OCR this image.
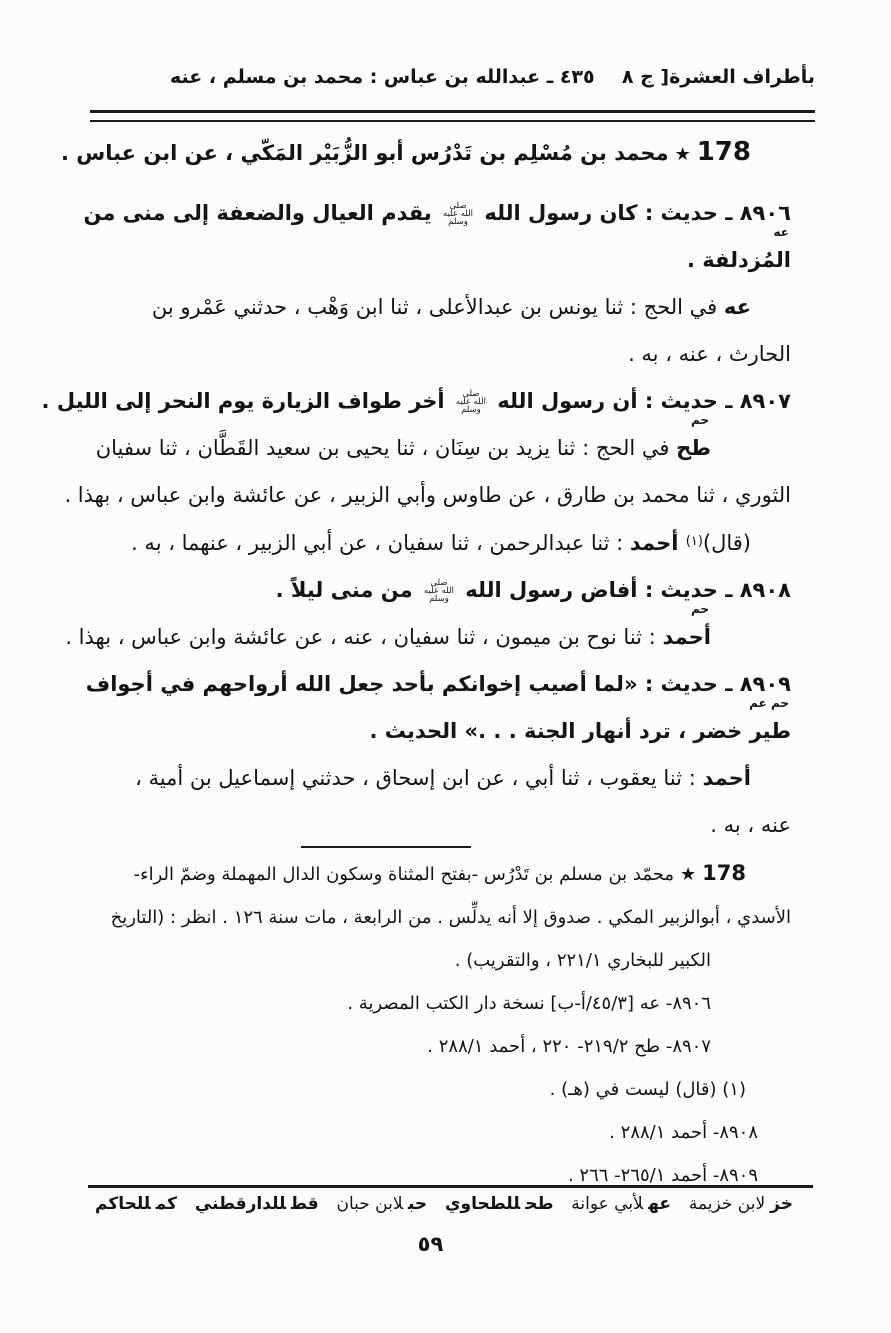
بأطراف العشرة[ ج ٨
٤٣٥ ـ عبدالله بن عباس : محمد بن مسلم ، عنه

178★محمد بن مُسْلِم بن تَدْرُس أبو الزُّبَيْر المَكّي ، عن ابن عباس .

٨٩٠٦ ـ حديث : كان رسول الله صلى الله عليه وسلم يقدم العيال والضعفة إلى منى من

عه
المُزدلفة .

عه في الحج : ثنا يونس بن عبدالأعلى ، ثنا ابن وَهْب ، حدثني عَمْرو بن

الحارث ، عنه ، به .

٨٩٠٧ ـ حديث : أن رسول الله صلى الله عليه وسلم أخر طواف الزيارة يوم النحر إلى الليل .

حم
طح في الحج : ثنا يزيد بن سِنَان ، ثنا يحيى بن سعيد القَطَّان ، ثنا سفيان

الثوري ، ثنا محمد بن طارق ، عن طاوس وأبي الزبير ، عن عائشة وابن عباس ، بهذا .

(قال)$^{(١)}$ أحمد : ثنا عبدالرحمن ، ثنا سفيان ، عن أبي الزبير ، عنهما ، به .

٨٩٠٨ ـ حديث : أفاض رسول الله صلى الله عليه وسلم من منى ليلاً .

حم
أحمد : ثنا نوح بن ميمون ، ثنا سفيان ، عنه ، عن عائشة وابن عباس ، بهذا .

٨٩٠٩ ـ حديث : «لما أصيب إخوانكم بأحد جعل الله أرواحهم في أجواف

حم عم
طير خضر ، ترد أنهار الجنة . . .» الحديث .

أحمد : ثنا يعقوب ، ثنا أبي ، عن ابن إسحاق ، حدثني إسماعيل بن أمية ،

عنه ، به .

178★محمّد بن مسلم بن تَدْرُس -بفتح المثناة وسكون الدال المهملة وضمّ الراء-

الأسدي ، أبوالزبير المكي . صدوق إلا أنه يدلِّس . من الرابعة ، مات سنة ١٢٦ . انظر : (التاريخ

الكبير للبخاري ٢٢١/١ ، والتقريب) .

٨٩٠٦- عه [٤٥/٣/أ-ب] نسخة دار الكتب المصرية .

٨٩٠٧- طح ٢١٩/٢- ٢٢٠ ، أحمد ٢٨٨/١ .

(١) (قال) ليست في (هـ) .

٨٩٠٨- أحمد ٢٨٨/١ .

٨٩٠٩- أحمد ٢٦٥/١- ٢٦٦ .

خزلابن خزيمة
عهلأبي عوانة
طحللطحاوي
حبلابن حبان
قطللدارقطني
كمللحاكم
٥٩
